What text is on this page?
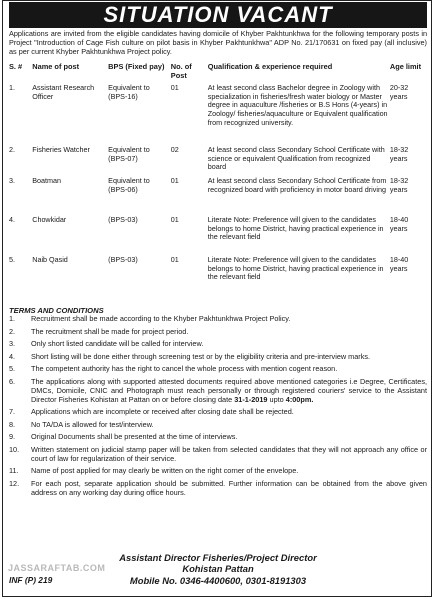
SITUATION VACANT
Applications are invited from the eligible candidates having domicile of Khyber Pakhtunkhwa for the following temporary posts in Project "Introduction of Cage Fish culture on pilot basis in Khyber Pakhtunkhwa" ADP No. 21/170631 on fixed pay (all inclusive) as per current Khyber Pakhtunkhwa Project policy.
S. #	Name of post	BPS (Fixed pay)	No. of Post	Qualification & experience required	Age limit
1.	Assistant Research Officer	Equivalent to (BPS-16)	01	At least second class Bachelor degree in Zoology with specialization in fisheries/fresh water biology or Master degree in aquaculture /fisheries or B.S Hons (4-years) in Zoology/ fisheries/aquaculture or Equivalent qualification from recognized university.	20-32 years
2.	Fisheries Watcher	Equivalent to (BPS-07)	02	At least second class Secondary School Certificate with science or equivalent Qualification from recognized board	18-32 years
3.	Boatman	Equivalent to (BPS-06)	01	At least second class Secondary School Certificate from recognized board with proficiency in motor board driving	18-32 years
4.	Chowkidar	(BPS-03)	01	Literate Note: Preference will given to the candidates belongs to home District, having practical experience in the relevant field	18-40 years
5.	Naib Qasid	(BPS-03)	01	Literate Note: Preference will given to the candidates belongs to home District, having practical experience in the relevant field	18-40 years
TERMS AND CONDITIONS
1. Recruitment shall be made according to the Khyber Pakhtunkhwa Project Policy.
2. The recruitment shall be made for project period.
3. Only short listed candidate will be called for interview.
4. Short listing will be done either through screening test or by the eligibility criteria and pre-interview marks.
5. The competent authority has the right to cancel the whole process with mention cogent reason.
6. The applications along with supported attested documents required above mentioned categories i.e Degree, Certificates, DMCs, Domicile, CNIC and Photograph must reach personally or through registered couriers' service to the Assistant Director Fisheries Kohistan at Pattan on or before closing date 31-1-2019 upto 4:00pm.
7. Applications which are incomplete or received after closing date shall be rejected.
8. No TA/DA is allowed for test/interview.
9. Original Documents shall be presented at the time of interviews.
10. Written statement on judicial stamp paper will be taken from selected candidates that they will not approach any office or court of law for regularization of their service.
11. Name of post applied for may clearly be written on the right corner of the envelope.
12. For each post, separate application should be submitted. Further information can be obtained from the above given address on any working day during office hours.
JASSARAFTAB.COM
Assistant Director Fisheries/Project Director
Kohistan Pattan
INF (P) 219	Mobile No. 0346-4400600, 0301-8191303
